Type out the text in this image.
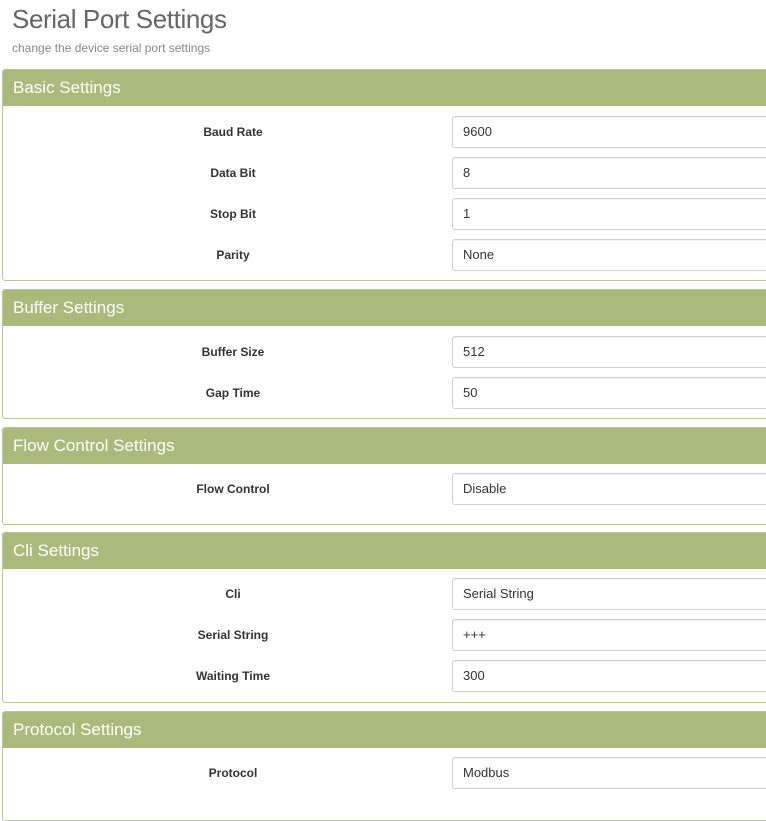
Serial Port Settings
change the device serial port settings
Basic Settings
Baud Rate	9600
Data Bit	8
Stop Bit	1
Parity	None
Buffer Settings
Buffer Size	512
Gap Time	50
Flow Control Settings
Flow Control	Disable
Cli Settings
Cli	Serial String
Serial String	+++
Waiting Time	300
Protocol Settings
Protocol	Modbus
